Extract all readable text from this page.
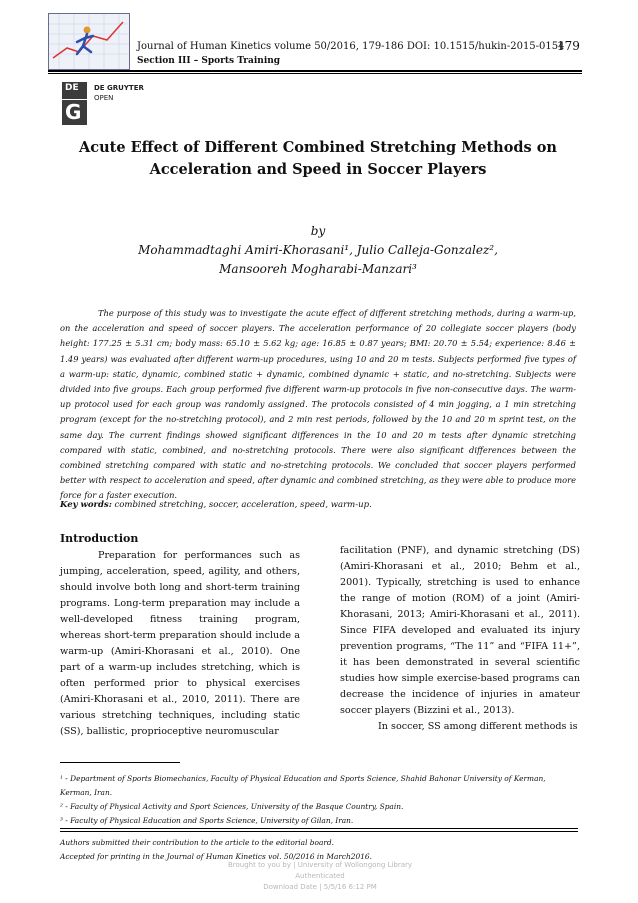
Journal of Human Kinetics volume 50/2016, 179-186 DOI: 10.1515/hukin-2015-0154
Section III – Sports Training
179
DE
G
DE GRUYTER
OPEN
Acute Effect of Different Combined Stretching Methods on Acceleration and Speed in Soccer Players
by
Mohammadtaghi Amiri-Khorasani¹, Julio Calleja-Gonzalez²,
Mansooreh Mogharabi-Manzari³
The purpose of this study was to investigate the acute effect of different stretching methods, during a warm-up, on the acceleration and speed of soccer players. The acceleration performance of 20 collegiate soccer players (body height: 177.25 ± 5.31 cm; body mass: 65.10 ± 5.62 kg; age: 16.85 ± 0.87 years; BMI: 20.70 ± 5.54; experience: 8.46 ± 1.49 years) was evaluated after different warm-up procedures, using 10 and 20 m tests. Subjects performed five types of a warm-up: static, dynamic, combined static + dynamic, combined dynamic + static, and no-stretching. Subjects were divided into five groups. Each group performed five different warm-up protocols in five non-consecutive days. The warm-up protocol used for each group was randomly assigned. The protocols consisted of 4 min jogging, a 1 min stretching program (except for the no-stretching protocol), and 2 min rest periods, followed by the 10 and 20 m sprint test, on the same day. The current findings showed significant differences in the 10 and 20 m tests after dynamic stretching compared with static, combined, and no-stretching protocols. There were also significant differences between the combined stretching compared with static and no-stretching protocols. We concluded that soccer players performed better with respect to acceleration and speed, after dynamic and combined stretching, as they were able to produce more force for a faster execution.
Key words: combined stretching, soccer, acceleration, speed, warm-up.
Introduction

Preparation for performances such as jumping, acceleration, speed, agility, and others, should involve both long and short-term training programs. Long-term preparation may include a well-developed fitness training program, whereas short-term preparation should include a warm-up (Amiri-Khorasani et al., 2010). One part of a warm-up includes stretching, which is often performed prior to physical exercises (Amiri-Khorasani et al., 2010, 2011). There are various stretching techniques, including static (SS), ballistic, proprioceptive neuromuscular

facilitation (PNF), and dynamic stretching (DS) (Amiri-Khorasani et al., 2010; Behm et al., 2001). Typically, stretching is used to enhance the range of motion (ROM) of a joint (Amiri-Khorasani, 2013; Amiri-Khorasani et al., 2011). Since FIFA developed and evaluated its injury prevention programs, “The 11” and “FIFA 11+”, it has been demonstrated in several scientific studies how simple exercise-based programs can decrease the incidence of injuries in amateur soccer players (Bizzini et al., 2013).

In soccer, SS among different methods is

¹ - Department of Sports Biomechanics, Faculty of Physical Education and Sports Science, Shahid Bahonar University of Kerman, Kerman, Iran.
² - Faculty of Physical Activity and Sport Sciences, University of the Basque Country, Spain.
³ - Faculty of Physical Education and Sports Science, University of Gilan, Iran.
Authors submitted their contribution to the article to the editorial board.
Accepted for printing in the Journal of Human Kinetics vol. 50/2016 in March2016.
Brought to you by | University of Wollongong Library
Authenticated
Download Date | 5/5/16 6:12 PM
